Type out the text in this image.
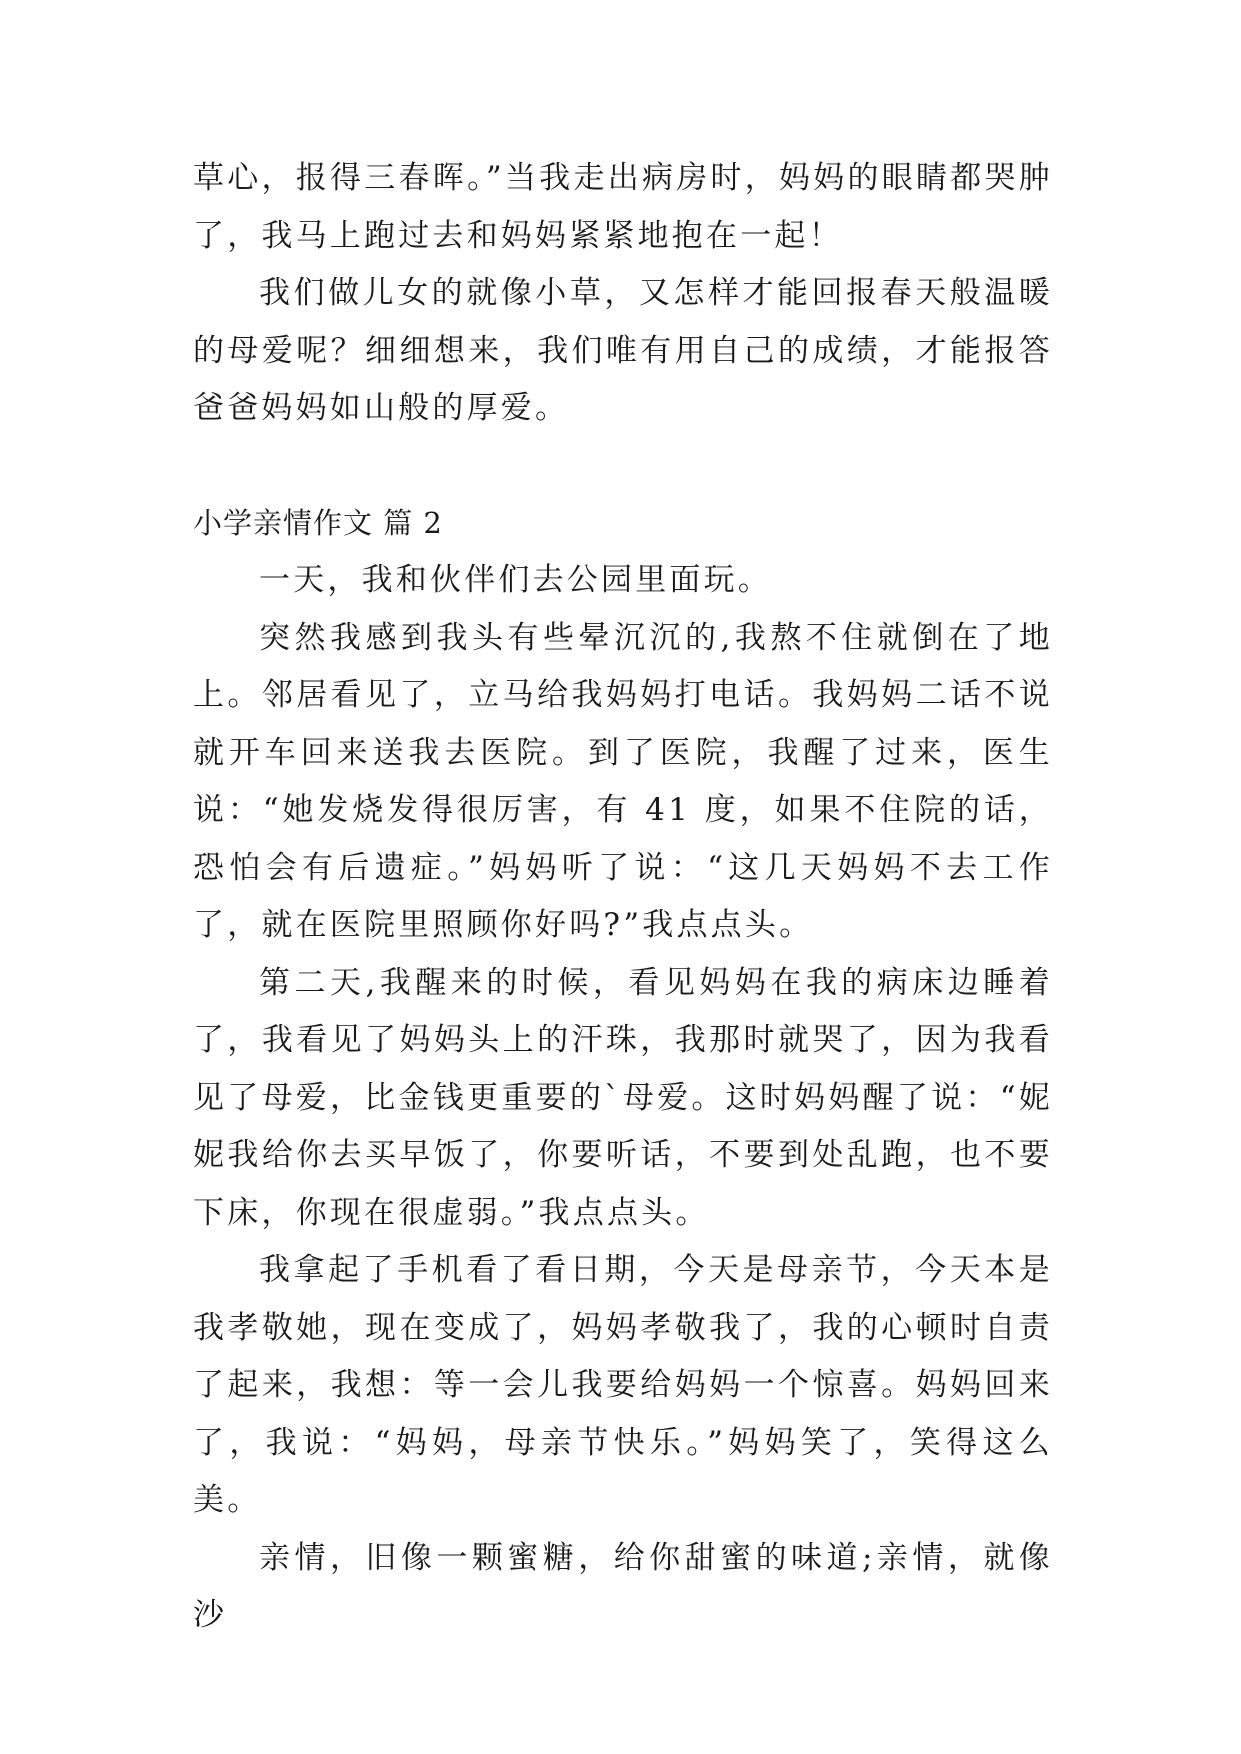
草心，报得三春晖。”当我走出病房时，妈妈的眼睛都哭肿了，我马上跑过去和妈妈紧紧地抱在一起！

我们做儿女的就像小草，又怎样才能回报春天般温暖的母爱呢？细细想来，我们唯有用自己的成绩，才能报答爸爸妈妈如山般的厚爱。

小学亲情作文 篇 2

一天，我和伙伴们去公园里面玩。

突然我感到我头有些晕沉沉的,我熬不住就倒在了地上。邻居看见了，立马给我妈妈打电话。我妈妈二话不说就开车回来送我去医院。到了医院，我醒了过来，医生说：“她发烧发得很厉害，有 41 度，如果不住院的话，恐怕会有后遗症。”妈妈听了说：“这几天妈妈不去工作了，就在医院里照顾你好吗?”我点点头。

第二天,我醒来的时候，看见妈妈在我的病床边睡着了，我看见了妈妈头上的汗珠，我那时就哭了，因为我看见了母爱，比金钱更重要的`母爱。这时妈妈醒了说：“妮妮我给你去买早饭了，你要听话，不要到处乱跑，也不要下床，你现在很虚弱。”我点点头。

我拿起了手机看了看日期，今天是母亲节，今天本是我孝敬她，现在变成了，妈妈孝敬我了，我的心顿时自责了起来，我想：等一会儿我要给妈妈一个惊喜。妈妈回来了，我说：“妈妈，母亲节快乐。”妈妈笑了，笑得这么美。

亲情，旧像一颗蜜糖，给你甜蜜的味道;亲情，就像沙
